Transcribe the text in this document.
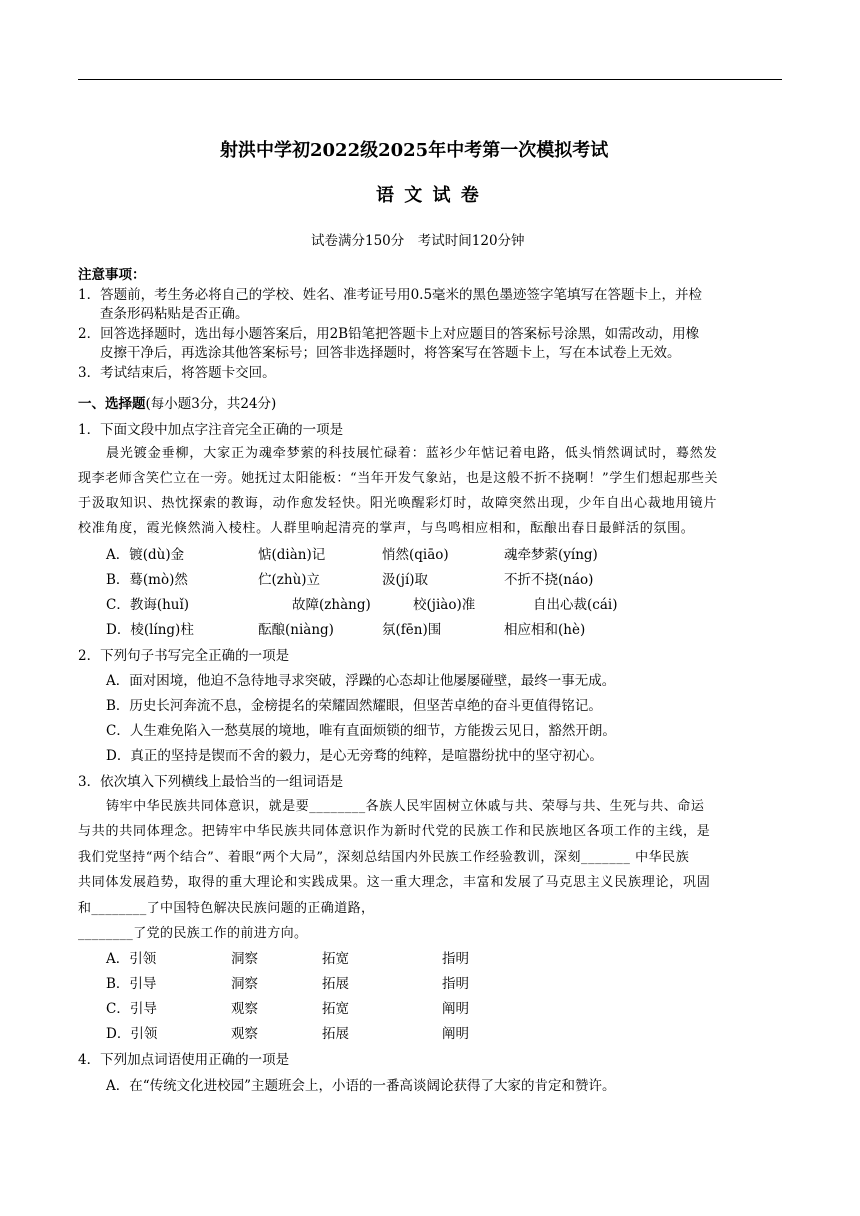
射洪中学初2022级2025年中考第一次模拟考试
语 文 试 卷
试卷满分150分　考试时间120分钟
注意事项：
1．答题前，考生务必将自己的学校、姓名、准考证号用0.5毫米的黑色墨迹签字笔填写在答题卡上，并检
查条形码粘贴是否正确。
2．回答选择题时，选出每小题答案后，用2B铅笔把答题卡上对应题目的答案标号涂黑，如需改动，用橡
皮擦干净后，再选涂其他答案标号；回答非选择题时，将答案写在答题卡上，写在本试卷上无效。
3．考试结束后，将答题卡交回。
一、选择题(每小题3分，共24分)
1．下面文段中加点字注音完全正确的一项是
晨光镀金垂柳，大家正为魂牵梦萦的科技展忙碌着：蓝衫少年惦记着电路，低头悄然调试时，蓦然发
现李老师含笑伫立在一旁。她抚过太阳能板：“当年开发气象站，也是这般不折不挠啊！”学生们想起那些关
于汲取知识、热忱探索的教诲，动作愈发轻快。阳光唤醒彩灯时，故障突然出现，少年自出心裁地用镜片
校准角度，霞光倏然淌入棱柱。人群里响起清亮的掌声，与鸟鸣相应相和，酝酿出春日最鲜活的氛围。
A．镀(dù)金	惦(diàn)记	悄然(qiāo)	魂牵梦萦(yíng)
B．蓦(mò)然	伫(zhù)立	汲(jí)取	不折不挠(náo)
C．教诲(huǐ)	故障(zhàng)	校(jiào)准	自出心裁(cái)
D．棱(líng)柱	酝酿(niàng)	氛(fēn)围	相应相和(hè)
2．下列句子书写完全正确的一项是
A．面对困境，他迫不急待地寻求突破，浮躁的心态却让他屡屡碰壁，最终一事无成。
B．历史长河奔流不息，金榜提名的荣耀固然耀眼，但坚苦卓绝的奋斗更值得铭记。
C．人生难免陷入一愁莫展的境地，唯有直面烦锁的细节，方能拨云见日，豁然开朗。
D．真正的坚持是锲而不舍的毅力，是心无旁骛的纯粹，是喧嚣纷扰中的坚守初心。
3．依次填入下列横线上最恰当的一组词语是
铸牢中华民族共同体意识，就是要________各族人民牢固树立休戚与共、荣辱与共、生死与共、命运
与共的共同体理念。把铸牢中华民族共同体意识作为新时代党的民族工作和民族地区各项工作的主线，是
我们党坚持“两个结合”、着眼“两个大局”，深刻总结国内外民族工作经验教训，深刻_______ 中华民族
共同体发展趋势，取得的重大理论和实践成果。这一重大理念，丰富和发展了马克思主义民族理论，巩固
和________了中国特色解决民族问题的正确道路，
________了党的民族工作的前进方向。
A．引领	洞察	拓宽	指明
B．引导	洞察	拓展	指明
C．引导	观察	拓宽	阐明
D．引领	观察	拓展	阐明
4．下列加点词语使用正确的一项是
A．在“传统文化进校园”主题班会上，小语的一番高谈阔论获得了大家的肯定和赞许。
